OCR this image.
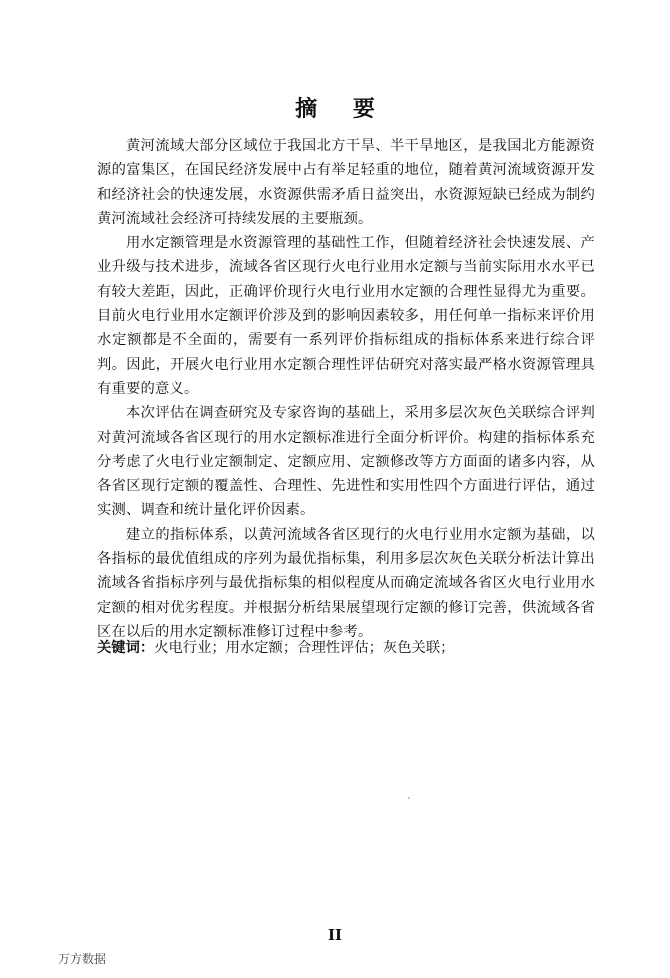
摘 要

黄河流域大部分区域位于我国北方干旱、半干旱地区，是我国北方能源资源的富集区，在国民经济发展中占有举足轻重的地位，随着黄河流域资源开发和经济社会的快速发展，水资源供需矛盾日益突出，水资源短缺已经成为制约黄河流域社会经济可持续发展的主要瓶颈。

用水定额管理是水资源管理的基础性工作，但随着经济社会快速发展、产业升级与技术进步，流域各省区现行火电行业用水定额与当前实际用水水平已有较大差距，因此，正确评价现行火电行业用水定额的合理性显得尤为重要。目前火电行业用水定额评价涉及到的影响因素较多，用任何单一指标来评价用水定额都是不全面的，需要有一系列评价指标组成的指标体系来进行综合评判。因此，开展火电行业用水定额合理性评估研究对落实最严格水资源管理具有重要的意义。

本次评估在调查研究及专家咨询的基础上，采用多层次灰色关联综合评判对黄河流域各省区现行的用水定额标准进行全面分析评价。构建的指标体系充分考虑了火电行业定额制定、定额应用、定额修改等方方面面的诸多内容，从各省区现行定额的覆盖性、合理性、先进性和实用性四个方面进行评估，通过实测、调查和统计量化评价因素。

建立的指标体系，以黄河流域各省区现行的火电行业用水定额为基础，以各指标的最优值组成的序列为最优指标集，利用多层次灰色关联分析法计算出流域各省指标序列与最优指标集的相似程度从而确定流域各省区火电行业用水定额的相对优劣程度。并根据分析结果展望现行定额的修订完善，供流域各省区在以后的用水定额标准修订过程中参考。

关键词：火电行业；用水定额；合理性评估；灰色关联；
II
万方数据
